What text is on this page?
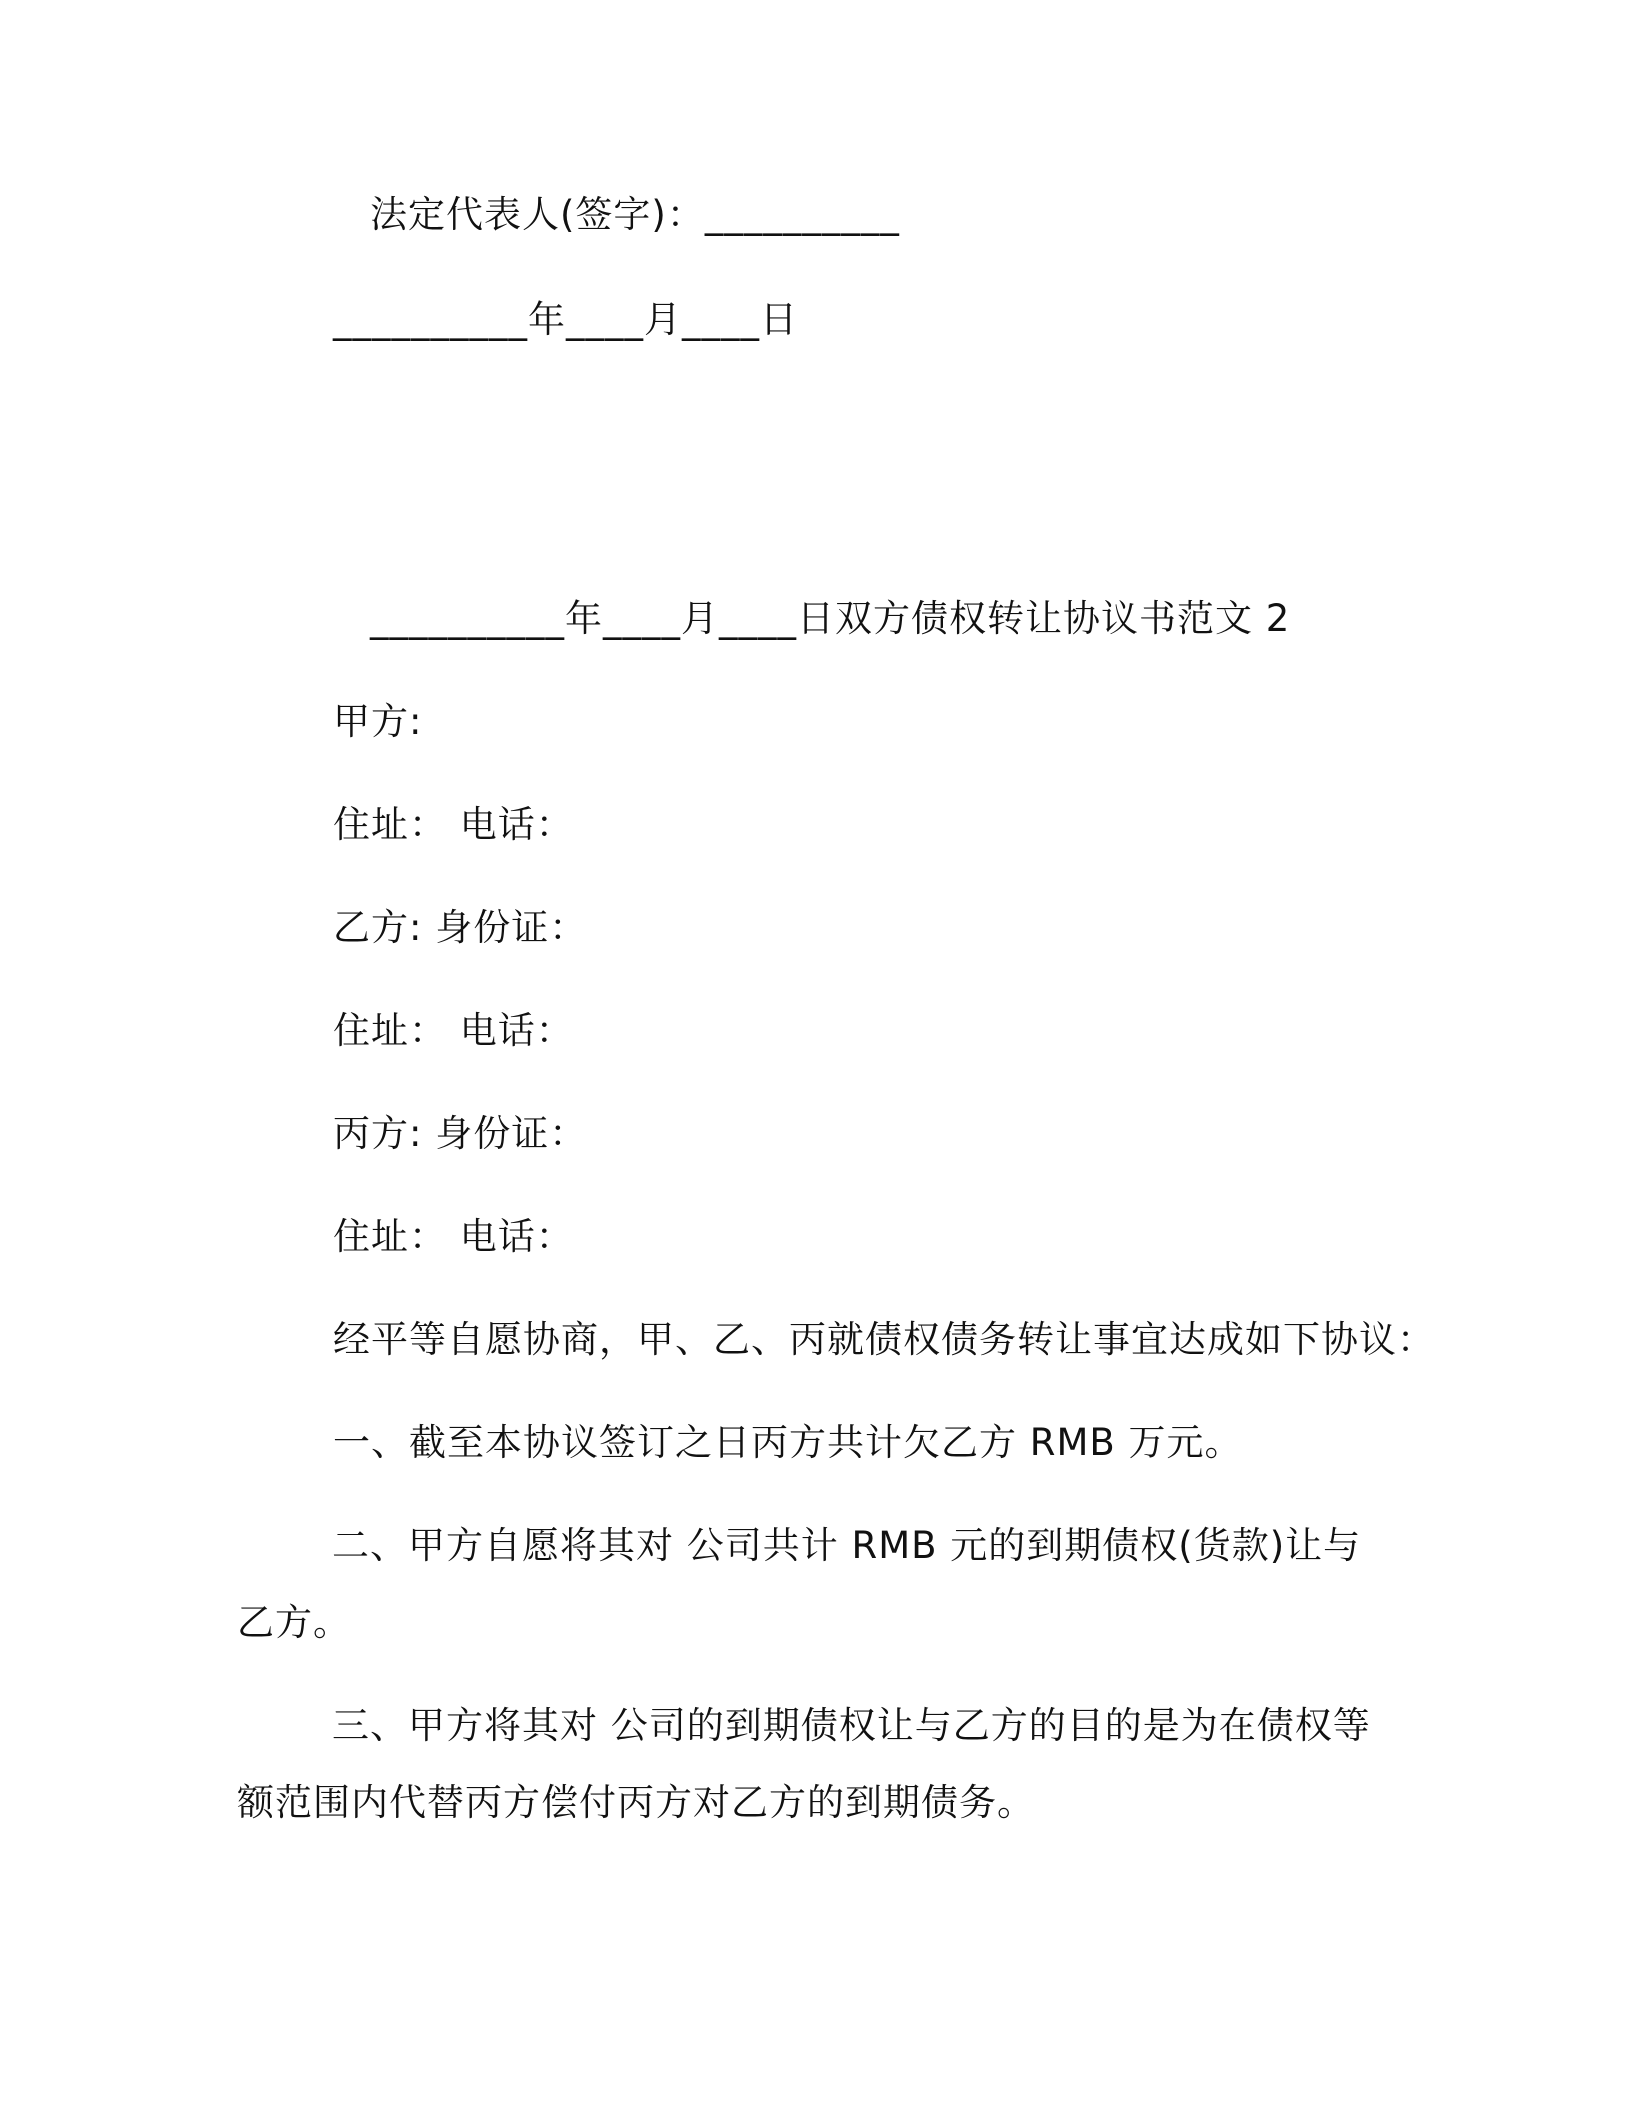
法定代表人(签字)：__________
__________年____月____日
__________年____月____日双方债权转让协议书范文 2
甲方:
住址： 电话：
乙方: 身份证：
住址： 电话：
丙方: 身份证：
住址： 电话：
经平等自愿协商，甲、乙、丙就债权债务转让事宜达成如下协议：
一、截至本协议签订之日丙方共计欠乙方 RMB 万元。
二、甲方自愿将其对 公司共计 RMB 元的到期债权(货款)让与乙方。
三、甲方将其对 公司的到期债权让与乙方的目的是为在债权等额范围内代替丙方偿付丙方对乙方的到期债务。
